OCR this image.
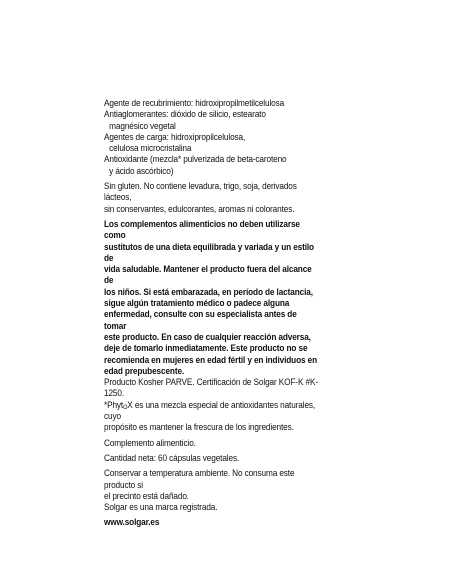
Agente de recubrimiento: hidroxipropilmetilcelulosa

Antiaglomerantes: dióxido de silicio, estearato

magnésico vegetal

Agentes de carga: hidroxipropilcelulosa,

celulosa microcristalina

Antioxidante (mezcla* pulverizada de beta-caroteno

y ácido ascórbico)

Sin gluten. No contiene levadura, trigo, soja, derivados lácteos,

sin conservantes, edulcorantes, aromas ni colorantes.

Los complementos alimenticios no deben utilizarse como

sustitutos de una dieta equilibrada y variada y un estilo de

vida saludable. Mantener el producto fuera del alcance de

los niños. Si está embarazada, en período de lactancia,

sigue algún tratamiento médico o padece alguna

enfermedad, consulte con su especialista antes de tomar

este producto. En caso de cualquier reacción adversa,

deje de tomarlo inmediatamente. Este producto no se

recomienda en mujeres en edad fértil y en individuos en

edad prepubescente.

Producto Kosher PARVE. Certificación de Solgar KOF-K #K-1250.

*Phyt$_O$X es una mezcla especial de antioxidantes naturales, cuyo

propósito es mantener la frescura de los ingredientes.

Complemento alimenticio.

Cantidad neta: 60 cápsulas vegetales.

Conservar a temperatura ambiente. No consuma este producto si

el precinto está dañado.

Solgar es una marca registrada.

www.solgar.es
